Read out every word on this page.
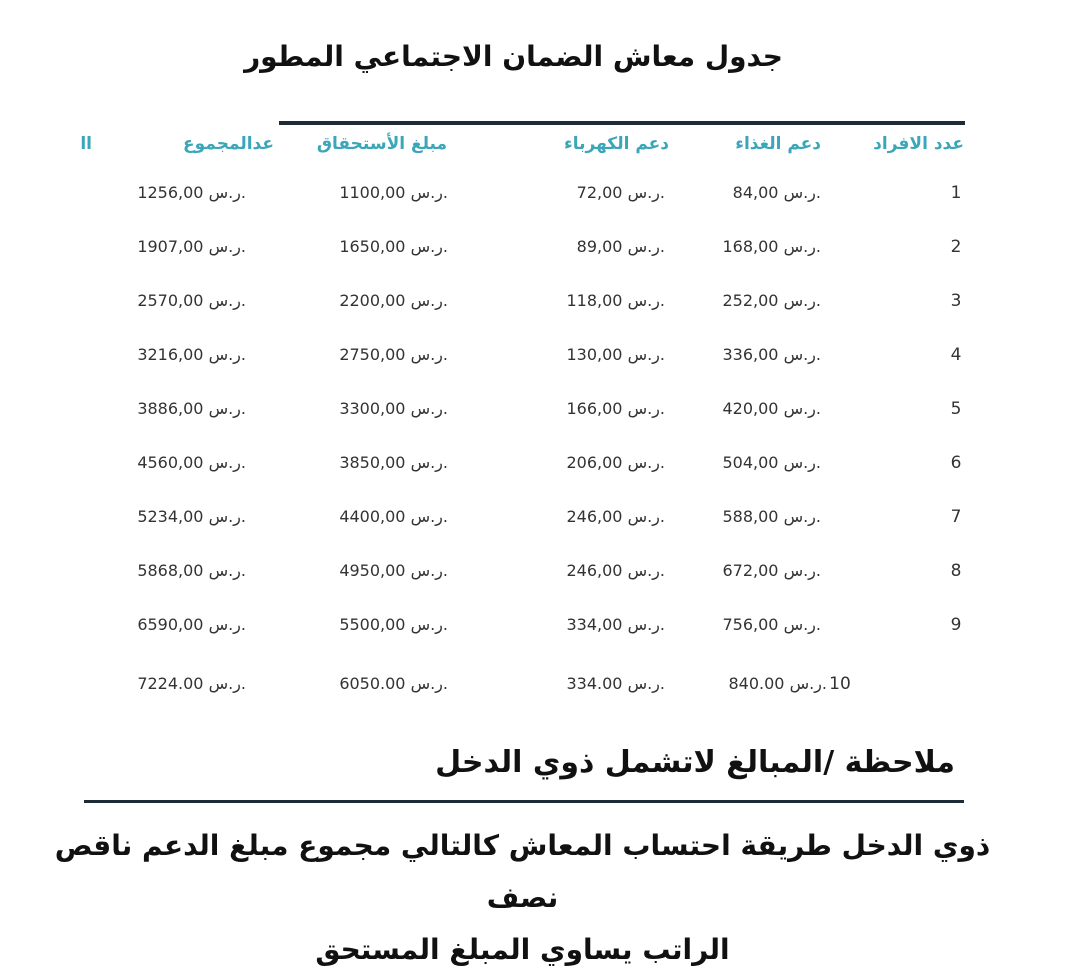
جدول معاش الضمان الاجتماعي المطور
عدد الافراد
دعم الغذاء
دعم الكهرباء
مبلغ الأستحقاق
عدالمجموع
اا
1
84,00 ر.س.
72,00 ر.س.
1100,00 ر.س.
1256,00 ر.س.
2
168,00 ر.س.
89,00 ر.س.
1650,00 ر.س.
1907,00 ر.س.
3
252,00 ر.س.
118,00 ر.س.
2200,00 ر.س.
2570,00 ر.س.
4
336,00 ر.س.
130,00 ر.س.
2750,00 ر.س.
3216,00 ر.س.
5
420,00 ر.س.
166,00 ر.س.
3300,00 ر.س.
3886,00 ر.س.
6
504,00 ر.س.
206,00 ر.س.
3850,00 ر.س.
4560,00 ر.س.
7
588,00 ر.س.
246,00 ر.س.
4400,00 ر.س.
5234,00 ر.س.
8
672,00 ر.س.
246,00 ر.س.
4950,00 ر.س.
5868,00 ر.س.
9
756,00 ر.س.
334,00 ر.س.
5500,00 ر.س.
6590,00 ر.س.
10
840.00 ر.س.
334.00 ر.س.
6050.00 ر.س.
7224.00 ر.س.
ملاحظة /المبالغ لاتشمل ذوي الدخل
ذوي الدخل طريقة احتساب المعاش كالتالي مجموع مبلغ الدعم ناقص نصف
الراتب يساوي المبلغ المستحق
